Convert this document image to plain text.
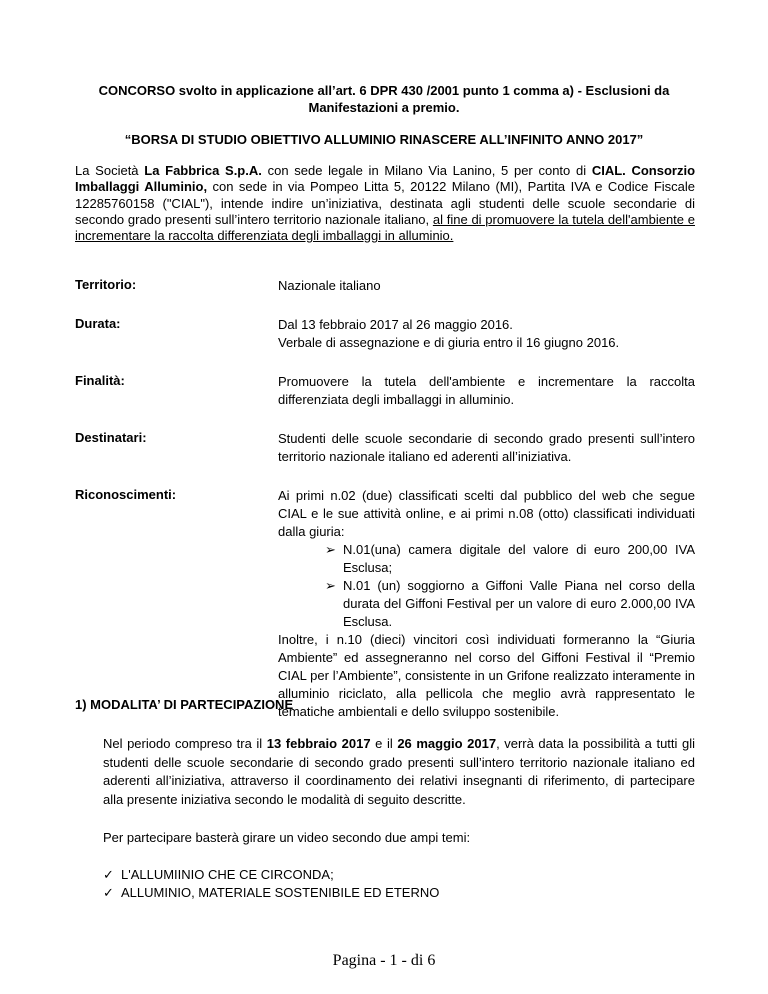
CONCORSO svolto in applicazione all’art. 6 DPR 430 /2001 punto 1 comma a) - Esclusioni da Manifestazioni a premio.
“BORSA DI STUDIO OBIETTIVO ALLUMINIO RINASCERE ALL’INFINITO ANNO 2017”
La Società La Fabbrica S.p.A. con sede legale in Milano Via Lanino, 5 per conto di CIAL. Consorzio Imballaggi Alluminio, con sede in via Pompeo Litta 5, 20122 Milano (MI), Partita IVA e Codice Fiscale 12285760158 ("CIAL"), intende indire un’iniziativa, destinata agli studenti delle scuole secondarie di secondo grado presenti sull’intero territorio nazionale italiano, al fine di promuovere la tutela dell'ambiente e incrementare la raccolta differenziata degli imballaggi in alluminio.
Territorio:	Nazionale italiano
Durata:	Dal 13 febbraio 2017 al 26 maggio 2016.
Verbale di assegnazione e di giuria entro il 16 giugno 2016.
Finalità:	Promuovere la tutela dell'ambiente e incrementare la raccolta differenziata degli imballaggi in alluminio.
Destinatari:	Studenti delle scuole secondarie di secondo grado presenti sull’intero territorio nazionale italiano ed aderenti all’iniziativa.
Riconoscimenti:	Ai primi n.02 (due) classificati scelti dal pubblico del web che segue CIAL e le sue attività online, e ai primi n.08 (otto) classificati individuati dalla giuria:
➢ N.01(una) camera digitale del valore di euro 200,00 IVA Esclusa;
➢ N.01 (un) soggiorno a Giffoni Valle Piana nel corso della durata del Giffoni Festival per un valore di euro 2.000,00 IVA Esclusa.
Inoltre, i n.10 (dieci) vincitori così individuati formeranno la “Giuria Ambiente” ed assegneranno nel corso del Giffoni Festival il “Premio CIAL per l’Ambiente”, consistente in un Grifone realizzato interamente in alluminio riciclato, alla pellicola che meglio avrà rappresentato le tematiche ambientali e dello sviluppo sostenibile.
1) MODALITA’ DI PARTECIPAZIONE
Nel periodo compreso tra il 13 febbraio 2017 e il 26 maggio 2017, verrà data la possibilità a tutti gli studenti delle scuole secondarie di secondo grado presenti sull’intero territorio nazionale italiano ed aderenti all’iniziativa, attraverso il coordinamento dei relativi insegnanti di riferimento, di partecipare alla presente iniziativa secondo le modalità di seguito descritte.
Per partecipare basterà girare un video secondo due ampi temi:
✓ L'ALLUMIINIO CHE CE CIRCONDA;
✓ ALLUMINIO, MATERIALE SOSTENIBILE ED ETERNO
Pagina - 1 - di 6
